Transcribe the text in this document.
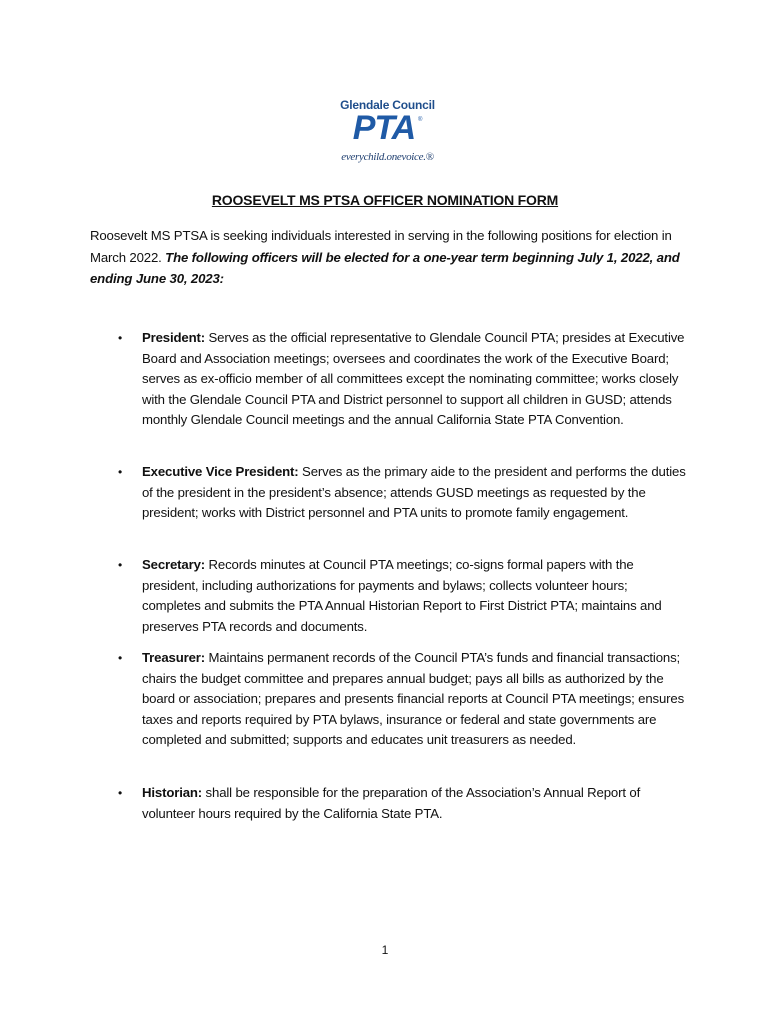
Glendale Council
PTA ®
everychild.onevoice.®
ROOSEVELT MS PTSA OFFICER NOMINATION FORM
Roosevelt MS PTSA is seeking individuals interested in serving in the following positions for election in March 2022. The following officers will be elected for a one-year term beginning July 1, 2022, and ending June 30, 2023:
• President: Serves as the official representative to Glendale Council PTA; presides at Executive Board and Association meetings; oversees and coordinates the work of the Executive Board; serves as ex-officio member of all committees except the nominating committee; works closely with the Glendale Council PTA and District personnel to support all children in GUSD; attends monthly Glendale Council meetings and the annual California State PTA Convention.
• Executive Vice President: Serves as the primary aide to the president and performs the duties of the president in the president’s absence; attends GUSD meetings as requested by the president; works with District personnel and PTA units to promote family engagement.
• Secretary: Records minutes at Council PTA meetings; co-signs formal papers with the president, including authorizations for payments and bylaws; collects volunteer hours; completes and submits the PTA Annual Historian Report to First District PTA; maintains and preserves PTA records and documents.
• Treasurer: Maintains permanent records of the Council PTA’s funds and financial transactions; chairs the budget committee and prepares annual budget; pays all bills as authorized by the board or association; prepares and presents financial reports at Council PTA meetings; ensures taxes and reports required by PTA bylaws, insurance or federal and state governments are completed and submitted; supports and educates unit treasurers as needed.
• Historian: shall be responsible for the preparation of the Association’s Annual Report of volunteer hours required by the California State PTA.
1
